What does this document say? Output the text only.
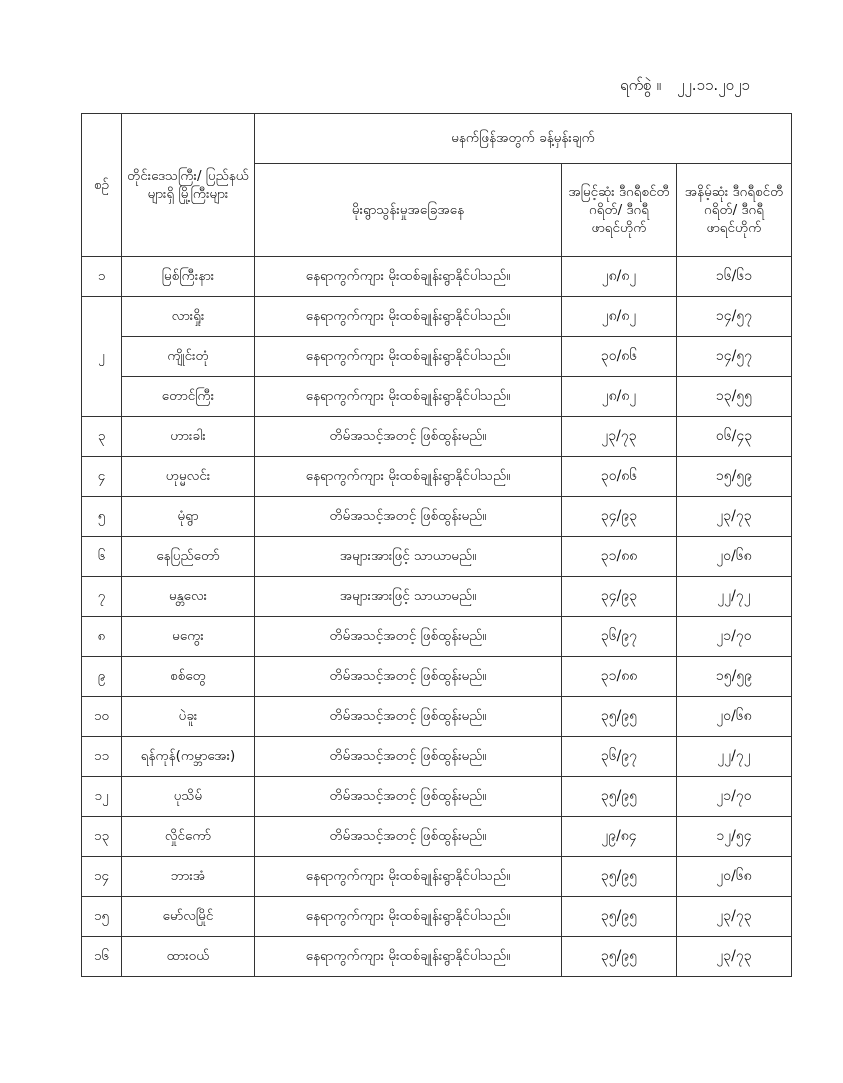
ရက်စွဲ ။ ၂၂.၁၁.၂၀၂၁
စဉ်	တိုင်းဒေသကြီး/ ပြည်နယ်များရှိ မြို့ကြီးများ	မနက်ဖြန်အတွက် ခန့်မှန်းချက်		
		မိုးရွာသွန်းမှုအခြေအနေ	အမြင့်ဆုံး ဒီဂရီစင်တီဂရိတ်/ ဒီဂရီဖာရင်ဟိုက်	အနိမ့်ဆုံး ဒီဂရီစင်တီဂရိတ်/ ဒီဂရီဖာရင်ဟိုက်
၁	မြစ်ကြီးနား	နေရာကွက်ကျား မိုးထစ်ချုန်းရွာနိုင်ပါသည်။	၂၈/၈၂	၁၆/၆၁
၂	လားရှိုး	နေရာကွက်ကျား မိုးထစ်ချုန်းရွာနိုင်ပါသည်။	၂၈/၈၂	၁၄/၅၇
	ကျိုင်းတုံ	နေရာကွက်ကျား မိုးထစ်ချုန်းရွာနိုင်ပါသည်။	၃၀/၈၆	၁၄/၅၇
	တောင်ကြီး	နေရာကွက်ကျား မိုးထစ်ချုန်းရွာနိုင်ပါသည်။	၂၈/၈၂	၁၃/၅၅
၃	ဟားခါး	တိမ်အသင့်အတင့် ဖြစ်ထွန်းမည်။	၂၃/၇၃	၀၆/၄၃
၄	ဟုမ္မလင်း	နေရာကွက်ကျား မိုးထစ်ချုန်းရွာနိုင်ပါသည်။	၃၀/၈၆	၁၅/၅၉
၅	မုံရွာ	တိမ်အသင့်အတင့် ဖြစ်ထွန်းမည်။	၃၄/၉၃	၂၃/၇၃
၆	နေပြည်တော်	အများအားဖြင့် သာယာမည်။	၃၁/၈၈	၂၀/၆၈
၇	မန္တလေး	အများအားဖြင့် သာယာမည်။	၃၄/၉၃	၂၂/၇၂
၈	မကွေး	တိမ်အသင့်အတင့် ဖြစ်ထွန်းမည်။	၃၆/၉၇	၂၁/၇၀
၉	စစ်တွေ	တိမ်အသင့်အတင့် ဖြစ်ထွန်းမည်။	၃၁/၈၈	၁၅/၅၉
၁၀	ပဲခူး	တိမ်အသင့်အတင့် ဖြစ်ထွန်းမည်။	၃၅/၉၅	၂၀/၆၈
၁၁	ရန်ကုန်(ကမ္ဘာအေး)	တိမ်အသင့်အတင့် ဖြစ်ထွန်းမည်။	၃၆/၉၇	၂၂/၇၂
၁၂	ပုသိမ်	တိမ်အသင့်အတင့် ဖြစ်ထွန်းမည်။	၃၅/၉၅	၂၁/၇၀
၁၃	လှိုင်ကော်	တိမ်အသင့်အတင့် ဖြစ်ထွန်းမည်။	၂၉/၈၄	၁၂/၅၄
၁၄	ဘားအံ	နေရာကွက်ကျား မိုးထစ်ချုန်းရွာနိုင်ပါသည်။	၃၅/၉၅	၂၀/၆၈
၁၅	မော်လမြိုင်	နေရာကွက်ကျား မိုးထစ်ချုန်းရွာနိုင်ပါသည်။	၃၅/၉၅	၂၃/၇၃
၁၆	ထားဝယ်	နေရာကွက်ကျား မိုးထစ်ချုန်းရွာနိုင်ပါသည်။	၃၅/၉၅	၂၃/၇၃
